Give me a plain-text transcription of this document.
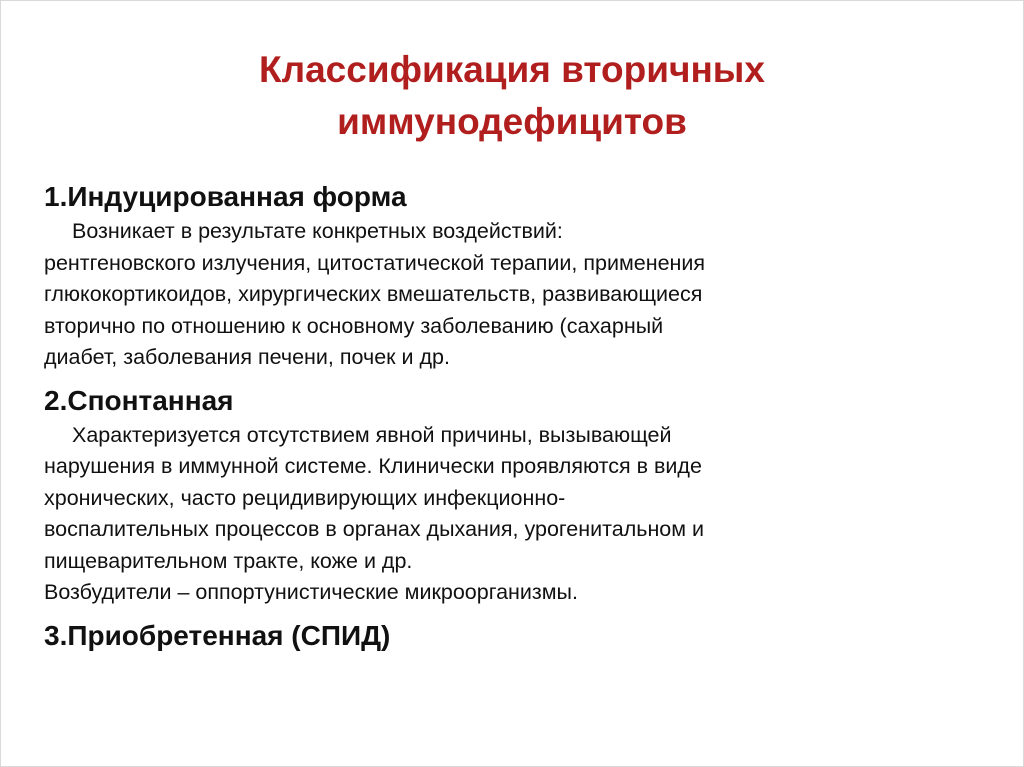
Классификация вторичных
иммунодефицитов

1.Индуцированная форма

Возникает в результате конкретных воздействий:
рентгеновского излучения, цитостатической терапии, применения
глюкокортикоидов, хирургических вмешательств, развивающиеся
вторично по отношению к основному заболеванию (сахарный
диабет, заболевания печени, почек и др.

2.Спонтанная

Характеризуется отсутствием явной причины, вызывающей
нарушения в иммунной системе. Клинически проявляются в виде
хронических, часто рецидивирующих инфекционно-
воспалительных процессов в органах дыхания, урогенитальном и
пищеварительном тракте, коже и др.
Возбудители – оппортунистические микроорганизмы.

3.Приобретенная (СПИД)
